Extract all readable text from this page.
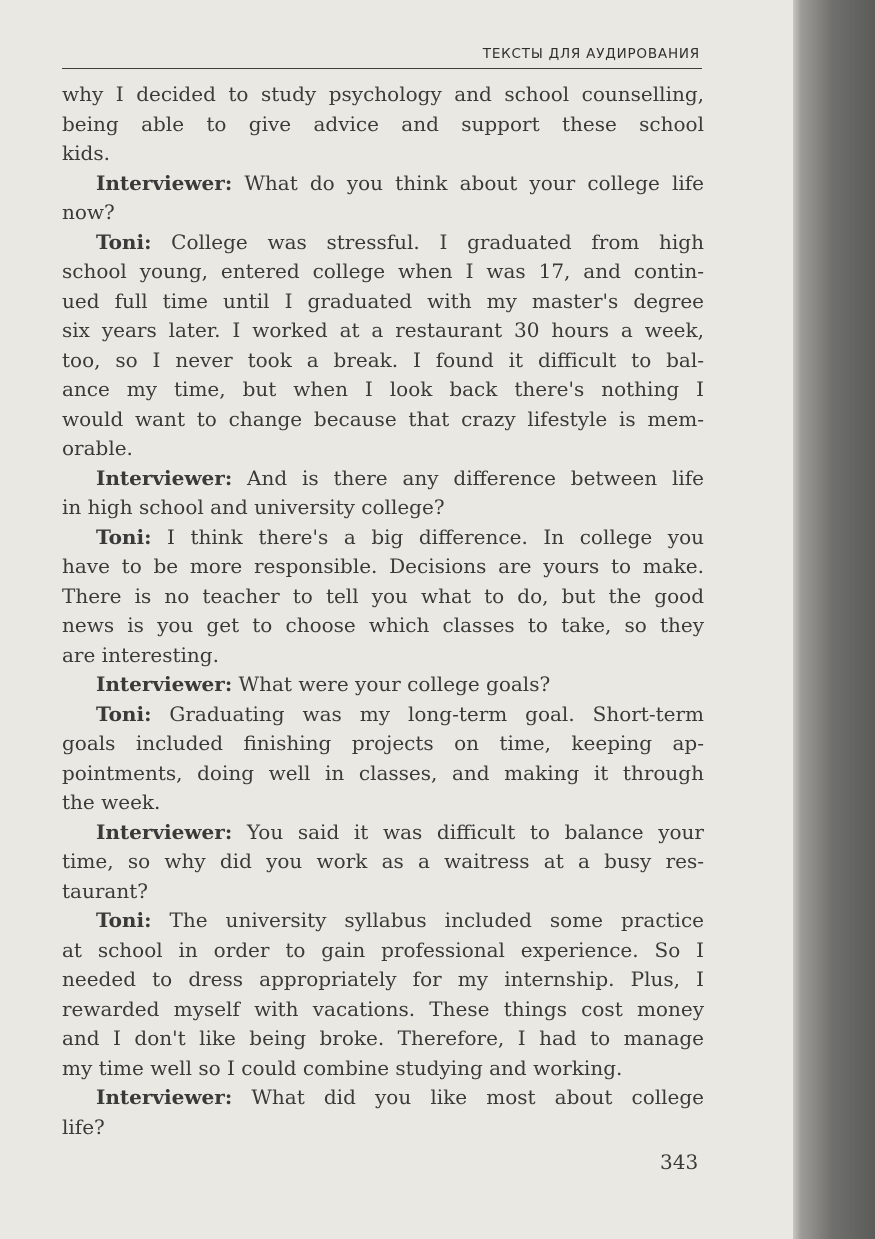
ТЕКСТЫ ДЛЯ АУДИРОВАНИЯ
why I decided to study psychology and school counselling,
being able to give advice and support these school
kids.
Interviewer: What do you think about your college life
now?
Toni: College was stressful. I graduated from high
school young, entered college when I was 17, and contin-
ued full time until I graduated with my master's degree
six years later. I worked at a restaurant 30 hours a week,
too, so I never took a break. I found it difficult to bal-
ance my time, but when I look back there's nothing I
would want to change because that crazy lifestyle is mem-
orable.
Interviewer: And is there any difference between life
in high school and university college?
Toni: I think there's a big difference. In college you
have to be more responsible. Decisions are yours to make.
There is no teacher to tell you what to do, but the good
news is you get to choose which classes to take, so they
are interesting.
Interviewer: What were your college goals?
Toni: Graduating was my long-term goal. Short-term
goals included finishing projects on time, keeping ap-
pointments, doing well in classes, and making it through
the week.
Interviewer: You said it was difficult to balance your
time, so why did you work as a waitress at a busy res-
taurant?
Toni: The university syllabus included some practice
at school in order to gain professional experience. So I
needed to dress appropriately for my internship. Plus, I
rewarded myself with vacations. These things cost money
and I don't like being broke. Therefore, I had to manage
my time well so I could combine studying and working.
Interviewer: What did you like most about college
life?
343
